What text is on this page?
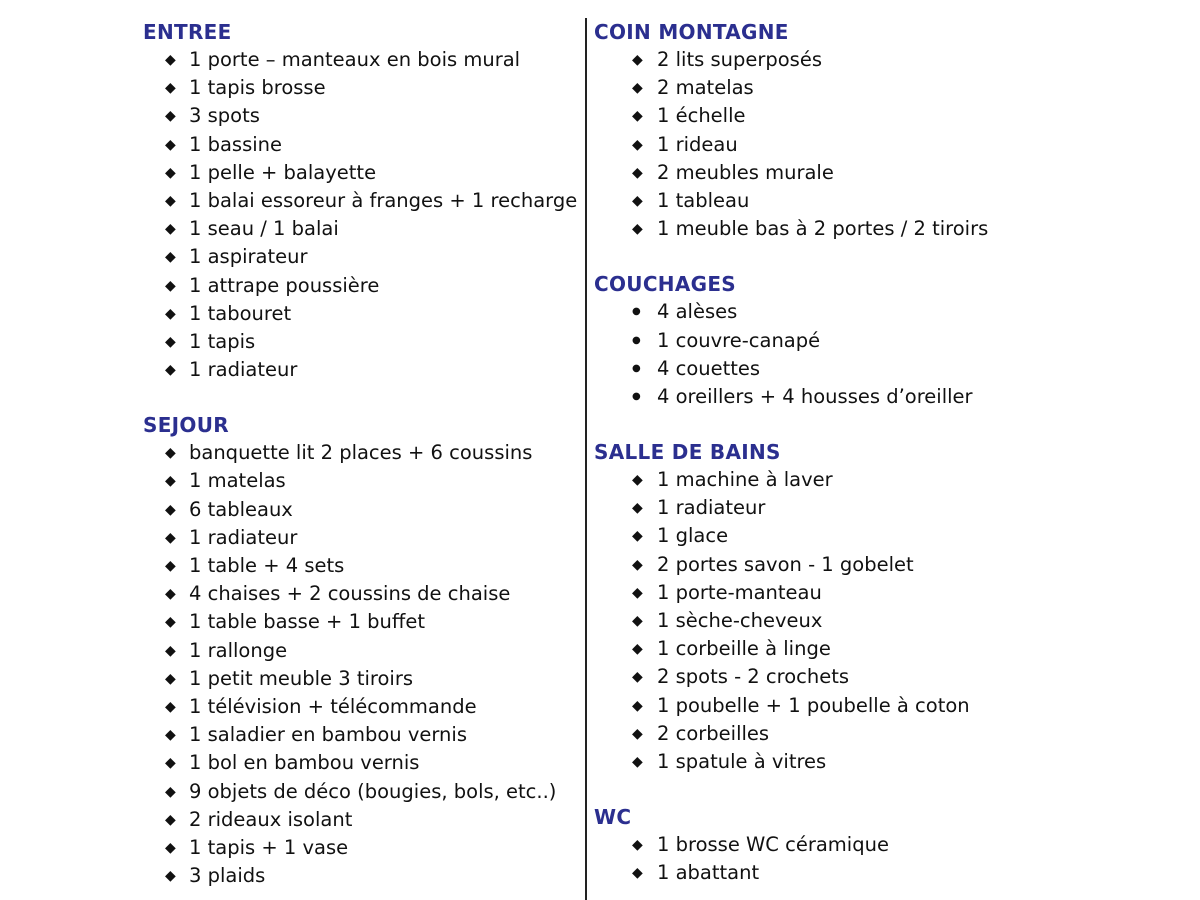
ENTREE
◆
1 porte – manteaux en bois mural
◆
1 tapis brosse
◆
3 spots
◆
1 bassine
◆
1 pelle + balayette
◆
1 balai essoreur à franges + 1 recharge
◆
1 seau / 1 balai
◆
1 aspirateur
◆
1 attrape poussière
◆
1 tabouret
◆
1 tapis
◆
1 radiateur
SEJOUR
◆
banquette lit 2 places + 6 coussins
◆
1 matelas
◆
6 tableaux
◆
1 radiateur
◆
1 table + 4 sets
◆
4 chaises + 2 coussins de chaise
◆
1 table basse + 1 buffet
◆
1 rallonge
◆
1 petit meuble 3 tiroirs
◆
1 télévision + télécommande
◆
1 saladier en bambou vernis
◆
1 bol en bambou vernis
◆
9 objets de déco (bougies, bols, etc..)
◆
2 rideaux isolant
◆
1 tapis + 1 vase
◆
3 plaids
COIN MONTAGNE
◆
2 lits superposés
◆
2 matelas
◆
1 échelle
◆
1 rideau
◆
2 meubles murale
◆
1 tableau
◆
1 meuble bas à 2 portes / 2 tiroirs
COUCHAGES
●
4 alèses
●
1 couvre-canapé
●
4 couettes
●
4 oreillers + 4 housses d’oreiller
SALLE DE BAINS
◆
1 machine à laver
◆
1 radiateur
◆
1 glace
◆
2 portes savon - 1 gobelet
◆
1 porte-manteau
◆
1 sèche-cheveux
◆
1 corbeille à linge
◆
2 spots - 2 crochets
◆
1 poubelle + 1 poubelle à coton
◆
2 corbeilles
◆
1 spatule à vitres
WC
◆
1 brosse WC céramique
◆
1 abattant
